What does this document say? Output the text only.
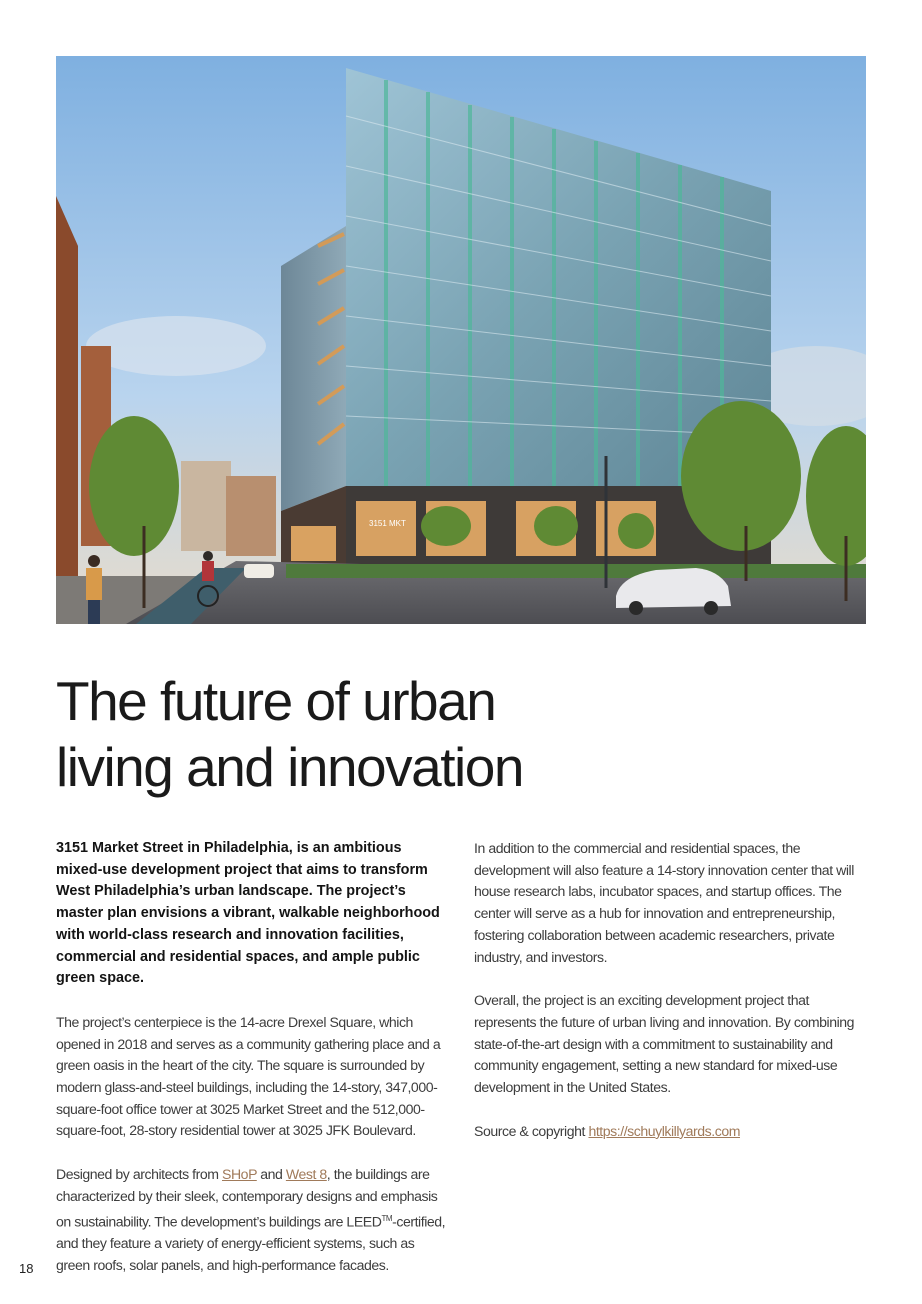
3151 MKT
The future of urban
living and innovation

3151 Market Street in Philadelphia, is an ambitious mixed-use development project that aims to transform West Philadelphia’s urban landscape. The project’s master plan envisions a vibrant, walkable neighborhood with world-class research and innovation facilities, commercial and residential spaces, and ample public green space.

The project’s centerpiece is the 14-acre Drexel Square, which opened in 2018 and serves as a community gathering place and a green oasis in the heart of the city. The square is surrounded by modern glass-and-steel buildings, including the 14-story, 347,000-square-foot office tower at 3025 Market Street and the 512,000-square-foot, 28-story residential tower at 3025 JFK Boulevard.

Designed by architects from SHoP and West 8, the buildings are characterized by their sleek, contemporary designs and emphasis on sustainability. The development’s buildings are LEED™-certified, and they feature a variety of energy-efficient systems, such as green roofs, solar panels, and high-performance facades.

In addition to the commercial and residential spaces, the development will also feature a 14-story innovation center that will house research labs, incubator spaces, and startup offices. The center will serve as a hub for innovation and entrepreneurship, fostering collaboration between academic researchers, private industry, and investors.

Overall, the project is an exciting development project that represents the future of urban living and innovation. By combining state-of-the-art design with a commitment to sustainability and community engagement, setting a new standard for mixed-use development in the United States.

Source & copyright https://schuylkillyards.com

18
